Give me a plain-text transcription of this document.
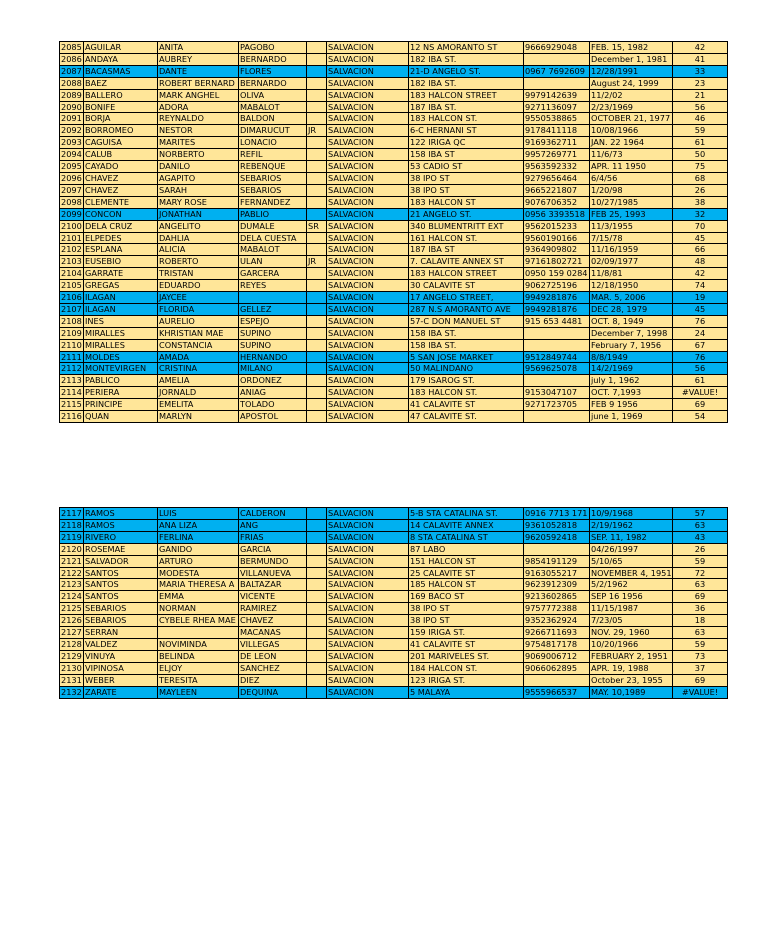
2085	AGUILAR	ANITA	PAGOBO		SALVACION	12 NS AMORANTO ST	9666929048	FEB. 15, 1982	42
2086	ANDAYA	AUBREY	BERNARDO		SALVACION	182 IBA ST.		December 1, 1981	41
2087	BACASMAS	DANTE	FLORES		SALVACION	21-D ANGELO ST.	0967 7692609	12/28/1991	33
2088	BAEZ	ROBERT BERNARD	BERNARDO		SALVACION	182 IBA ST.		August 24, 1999	23
2089	BALLERO	MARK ANGHEL	OLIVA		SALVACION	183 HALCON STREET	9979142639	11/2/02	21
2090	BONIFE	ADORA	MABALOT		SALVACION	187 IBA ST.	9271136097	2/23/1969	56
2091	BORJA	REYNALDO	BALDON		SALVACION	183 HALCON ST.	9550538865	OCTOBER 21, 1977	46
2092	BORROMEO	NESTOR	DIMARUCUT	JR	SALVACION	6-C HERNANI ST	9178411118	10/08/1966	59
2093	CAGUISA	MARITES	LONACIO		SALVACION	122 IRIGA QC	9169362711	JAN. 22 1964	61
2094	CALUB	NORBERTO	REFIL		SALVACION	158 IBA ST	9957269771	11/6/73	50
2095	CAYADO	DANILO	REBENQUE		SALVACION	53 CADIO ST	9563592332	APR. 11 1950	75
2096	CHAVEZ	AGAPITO	SEBARIOS		SALVACION	38 IPO ST	9279656464	6/4/56	68
2097	CHAVEZ	SARAH	SEBARIOS		SALVACION	38 IPO ST	9665221807	1/20/98	26
2098	CLEMENTE	MARY ROSE	FERNANDEZ		SALVACION	183 HALCON ST	9076706352	10/27/1985	38
2099	CONCON	JONATHAN	PABLIO		SALVACION	21 ANGELO ST.	0956 3393518	FEB 25, 1993	32
2100	DELA CRUZ	ANGELITO	DUMALE	SR	SALVACION	340 BLUMENTRITT EXT	9562015233	11/3/1955	70
2101	ELPEDES	DAHLIA	DELA CUESTA		SALVACION	161 HALCON ST.	9560190166	7/15/78	45
2102	ESPLANA	ALICIA	MABALOT		SALVACION	187 IBA ST	9364909802	11/16/1959	66
2103	EUSEBIO	ROBERTO	ULAN	JR	SALVACION	7. CALAVITE ANNEX ST	97161802721	02/09/1977	48
2104	GARRATE	TRISTAN	GARCERA		SALVACION	183 HALCON STREET	0950 159 0284	11/8/81	42
2105	GREGAS	EDUARDO	REYES		SALVACION	30 CALAVITE ST	9062725196	12/18/1950	74
2106	ILAGAN	JAYCEE			SALVACION	17 ANGELO STREET,	9949281876	MAR. 5, 2006	19
2107	ILAGAN	FLORIDA	GELLEZ		SALVACION	287 N.S AMORANTO AVE	9949281876	DEC 28, 1979	45
2108	INES	AURELIO	ESPEJO		SALVACION	57-C DON MANUEL ST	915 653 4481	OCT. 8, 1949	76
2109	MIRALLES	KHRISTIAN MAE	SUPINO		SALVACION	158 IBA ST.		December 7, 1998	24
2110	MIRALLES	CONSTANCIA	SUPINO		SALVACION	158 IBA ST.		February 7, 1956	67
2111	MOLDES	AMADA	HERNANDO		SALVACION	5 SAN JOSE MARKET	9512849744	8/8/1949	76
2112	MONTEVIRGEN	CRISTINA	MILANO		SALVACION	50 MALINDANO	9569625078	14/2/1969	56
2113	PABLICO	AMELIA	ORDONEZ		SALVACION	179 ISAROG ST.		july 1, 1962	61
2114	PERIERA	JORNALD	ANIAG		SALVACION	183 HALCON ST.	9153047107	OCT. 7,1993	#VALUE!
2115	PRINCIPE	EMELITA	TOLADO		SALVACION	41 CALAVITE ST	9271723705	FEB 9 1956	69
2116	QUAN	MARLYN	APOSTOL		SALVACION	47 CALAVITE ST.		june 1, 1969	54
2117	RAMOS	LUIS	CALDERON		SALVACION	5-B STA CATALINA ST.	0916 7713 171	10/9/1968	57
2118	RAMOS	ANA LIZA	ANG		SALVACION	14 CALAVITE ANNEX	9361052818	2/19/1962	63
2119	RIVERO	FERLINA	FRIAS		SALVACION	8 STA CATALINA ST	9620592418	SEP. 11, 1982	43
2120	ROSEMAE	GANIDO	GARCIA		SALVACION	87 LABO		04/26/1997	26
2121	SALVADOR	ARTURO	BERMUNDO		SALVACION	151 HALCON ST	9854191129	5/10/65	59
2122	SANTOS	MODESTA	VILLANUEVA		SALVACION	25 CALAVITE ST	9163055217	NOVEMBER 4, 1951	72
2123	SANTOS	MARIA THERESA A	BALTAZAR		SALVACION	185 HALCON ST	9623912309	5/2/1962	63
2124	SANTOS	EMMA	VICENTE		SALVACION	169 BACO ST	9213602865	SEP 16 1956	69
2125	SEBARIOS	NORMAN	RAMIREZ		SALVACION	38 IPO ST	9757772388	11/15/1987	36
2126	SEBARIOS	CYBELE RHEA MAE	CHAVEZ		SALVACION	38 IPO ST	9352362924	7/23/05	18
2127	SERRAN		MACANAS		SALVACION	159 IRIGA ST.	9266711693	NOV. 29, 1960	63
2128	VALDEZ	NOVIMINDA	VILLEGAS		SALVACION	41 CALAVITE ST	9754817178	10/20/1966	59
2129	VINUYA	BELINDA	DE LEON		SALVACION	201 MARIVELES ST.	9069006712	FEBRUARY 2, 1951	73
2130	VIPINOSA	ELJOY	SANCHEZ		SALVACION	184 HALCON ST.	9066062895	APR. 19, 1988	37
2131	WEBER	TERESITA	DIEZ		SALVACION	123 IRIGA ST.		October 23, 1955	69
2132	ZARATE	MAYLEEN	DEQUINA		SALVACION	5 MALAYA	9555966537	MAY. 10,1989	#VALUE!
